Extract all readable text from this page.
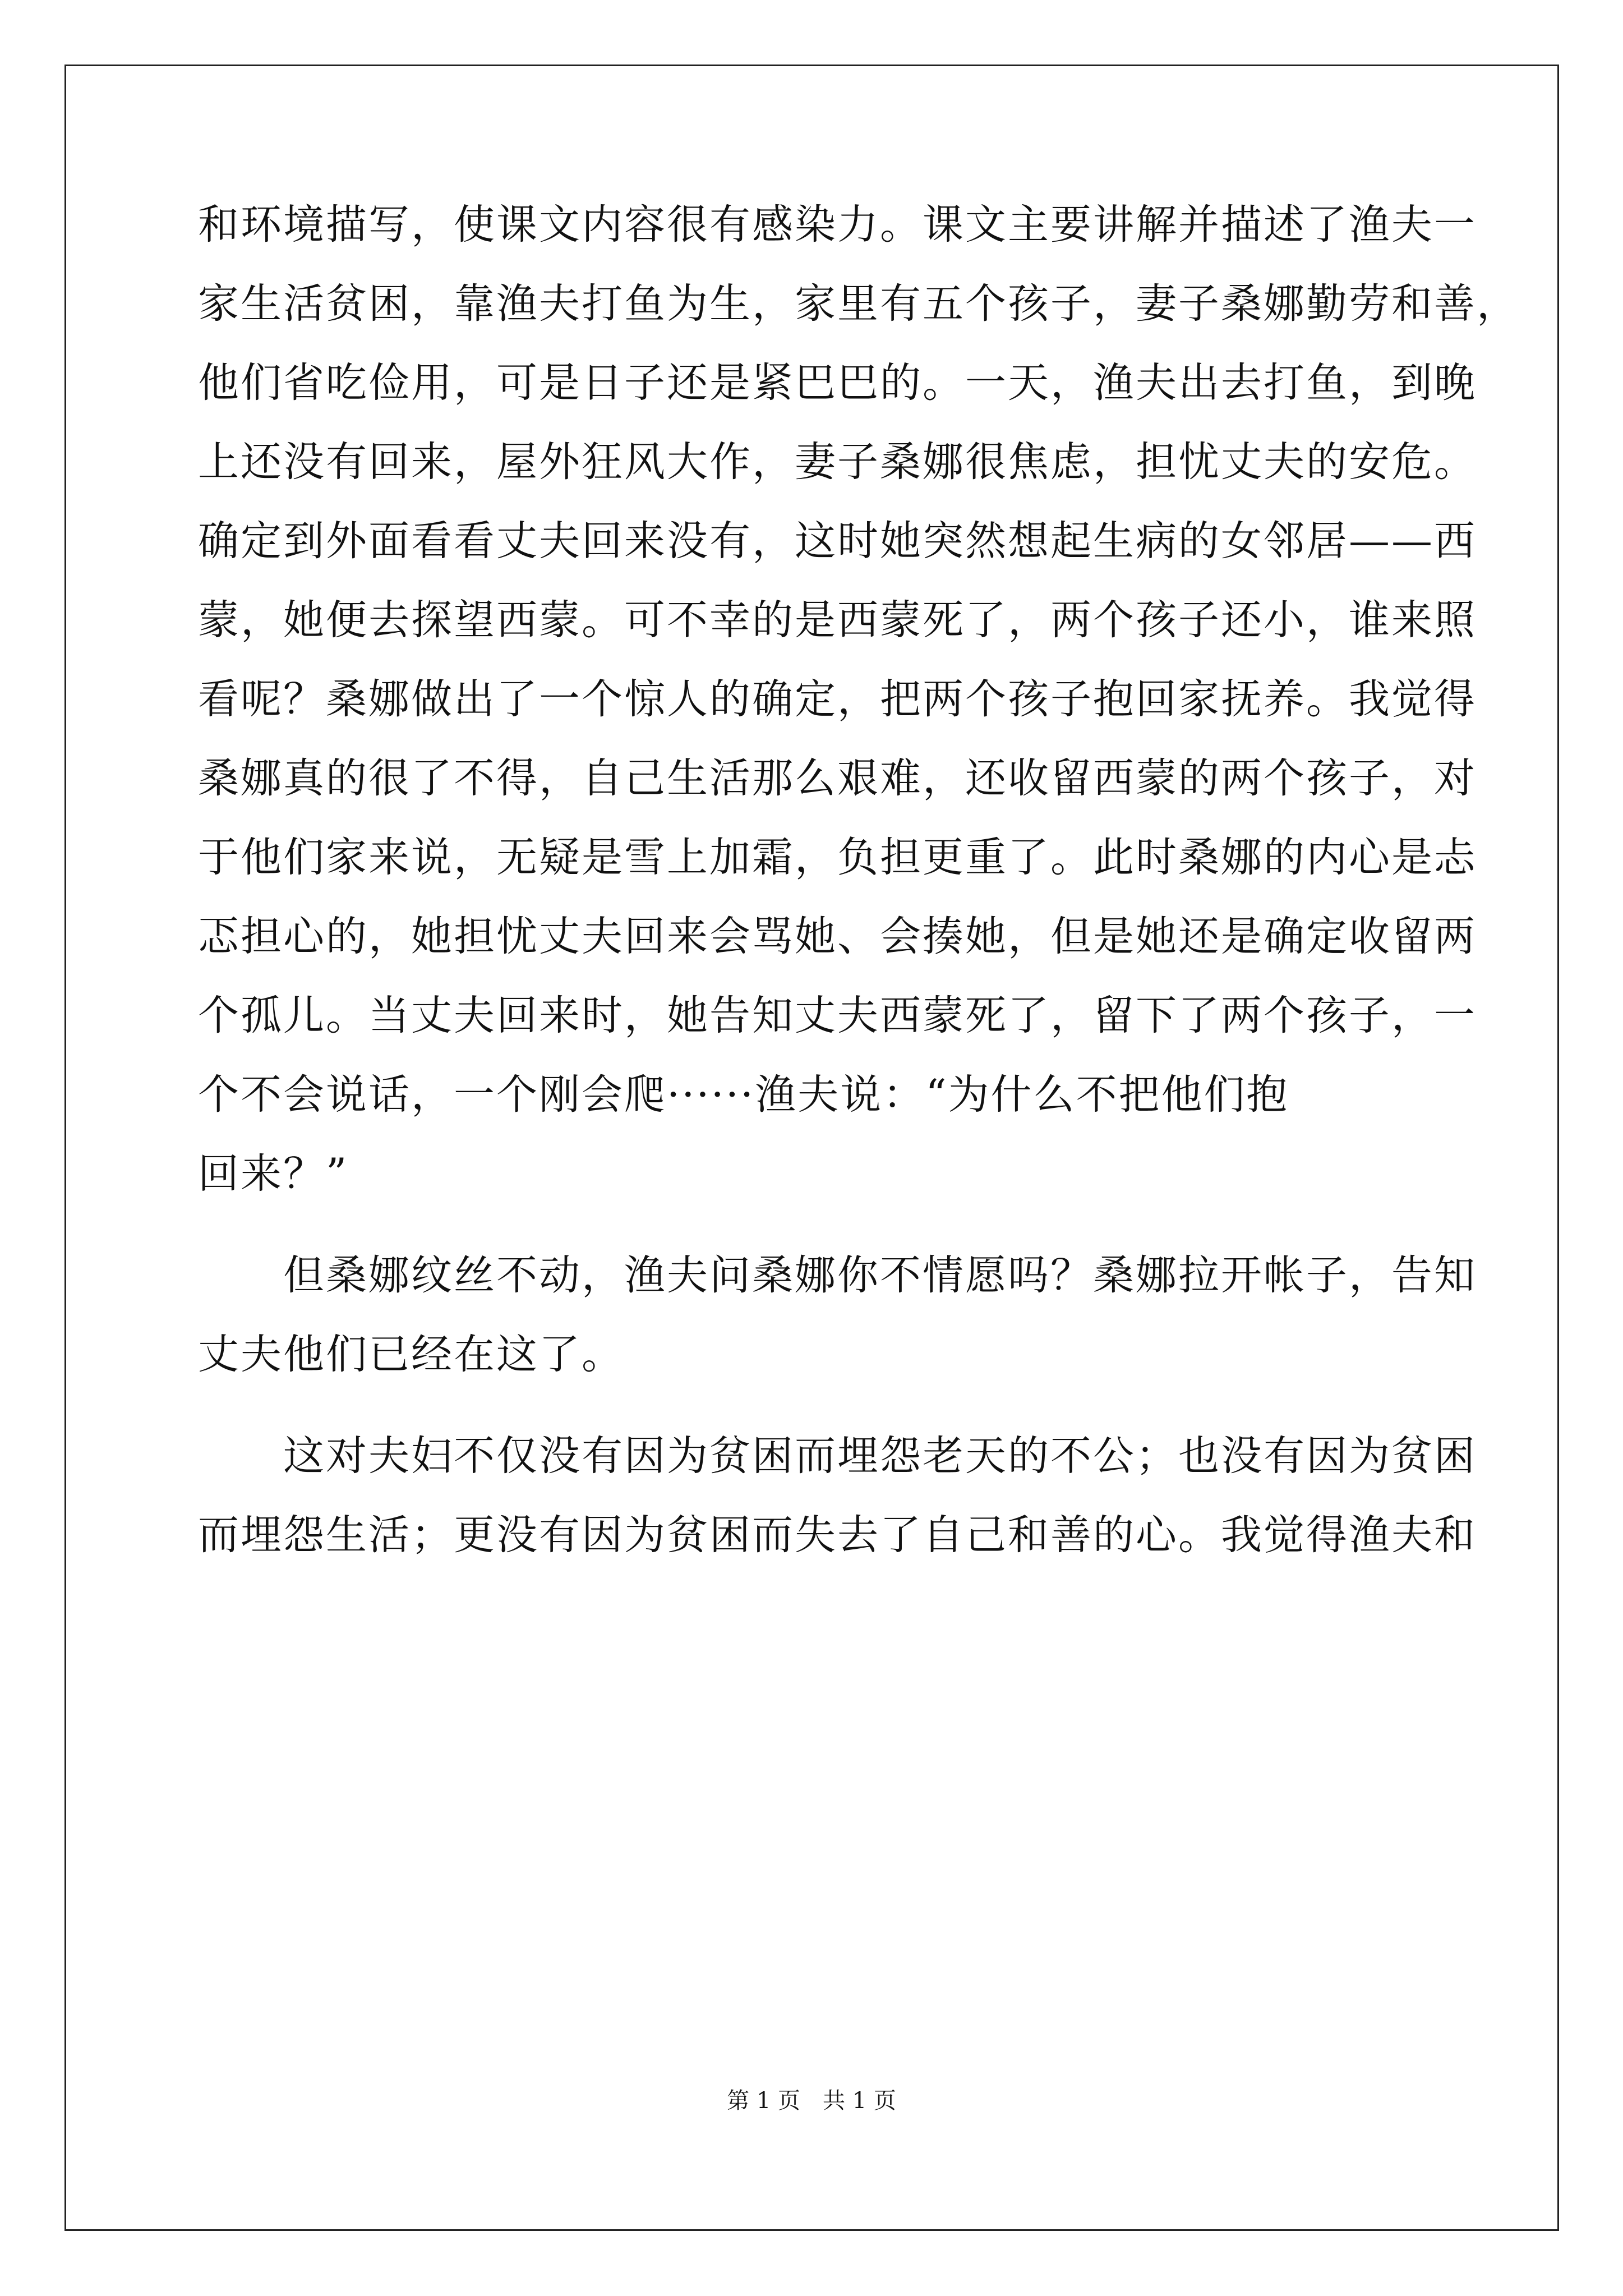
和环境描写，使课文内容很有感染力。课文主要讲解并描述了渔夫一
家生活贫困，靠渔夫打鱼为生，家里有五个孩子，妻子桑娜勤劳和善，
他们省吃俭用，可是日子还是紧巴巴的。一天，渔夫出去打鱼，到晚
上还没有回来，屋外狂风大作，妻子桑娜很焦虑，担忧丈夫的安危。
确定到外面看看丈夫回来没有，这时她突然想起生病的女邻居——西
蒙，她便去探望西蒙。可不幸的是西蒙死了，两个孩子还小，谁来照
看呢？桑娜做出了一个惊人的确定，把两个孩子抱回家抚养。我觉得
桑娜真的很了不得，自己生活那么艰难，还收留西蒙的两个孩子，对
于他们家来说，无疑是雪上加霜，负担更重了。此时桑娜的内心是忐
忑担心的，她担忧丈夫回来会骂她、会揍她，但是她还是确定收留两
个孤儿。当丈夫回来时，她告知丈夫西蒙死了，留下了两个孩子，一
个不会说话，一个刚会爬······渔夫说：“为什么不把他们抱
回来？”
　　但桑娜纹丝不动，渔夫问桑娜你不情愿吗？桑娜拉开帐子，告知
丈夫他们已经在这了。
　　这对夫妇不仅没有因为贫困而埋怨老天的不公；也没有因为贫困
而埋怨生活；更没有因为贫困而失去了自己和善的心。我觉得渔夫和
第 1 页 共 1 页
